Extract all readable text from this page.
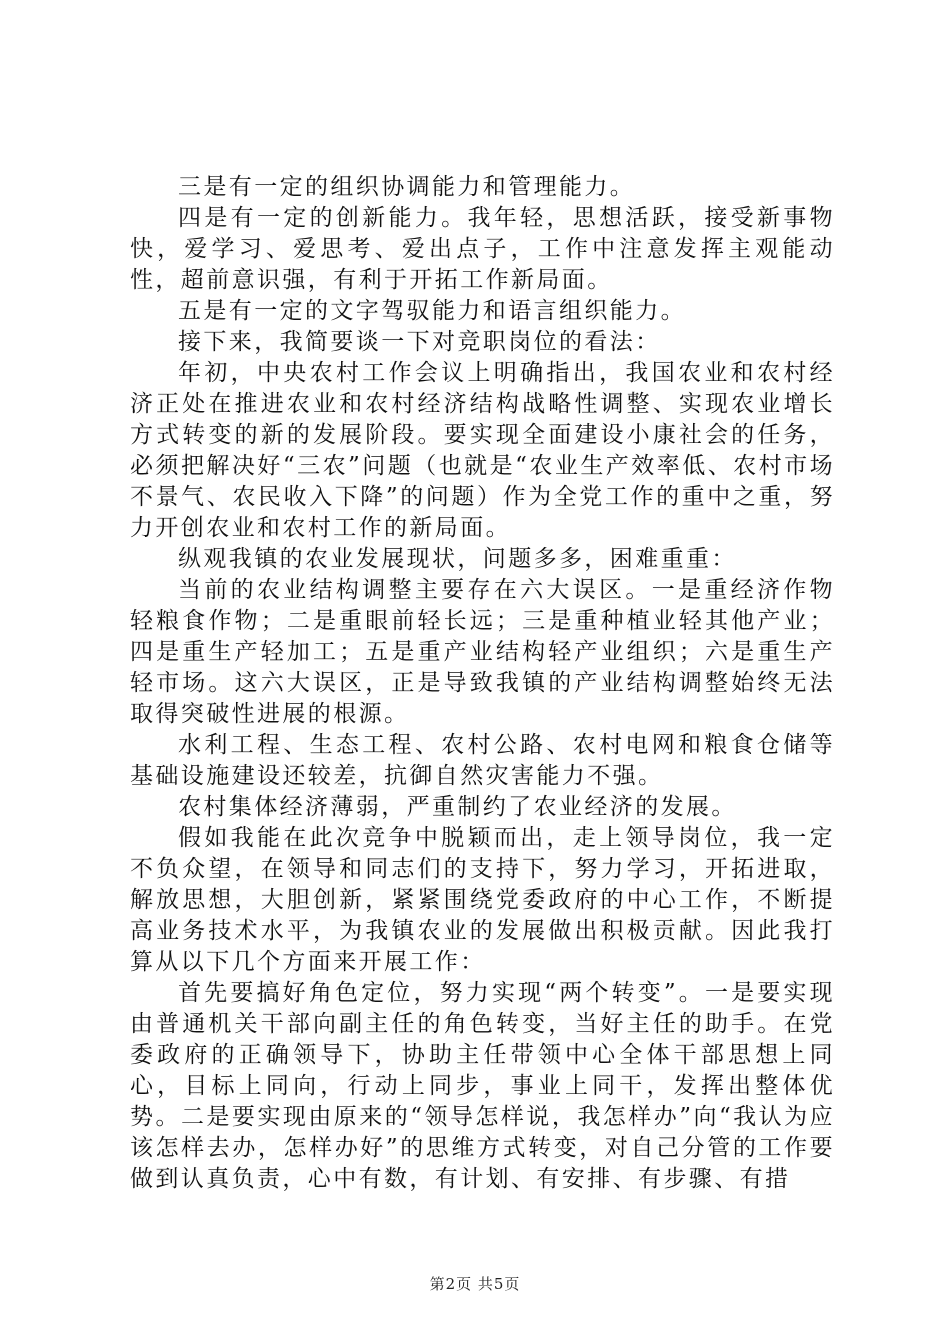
三是有一定的组织协调能力和管理能力。

四是有一定的创新能力。我年轻，思想活跃，接受新事物快，爱学习、爱思考、爱出点子，工作中注意发挥主观能动性，超前意识强，有利于开拓工作新局面。

五是有一定的文字驾驭能力和语言组织能力。

接下来，我简要谈一下对竞职岗位的看法：

年初，中央农村工作会议上明确指出，我国农业和农村经济正处在推进农业和农村经济结构战略性调整、实现农业增长方式转变的新的发展阶段。要实现全面建设小康社会的任务，必须把解决好“三农”问题（也就是“农业生产效率低、农村市场不景气、农民收入下降”的问题）作为全党工作的重中之重，努力开创农业和农村工作的新局面。

纵观我镇的农业发展现状，问题多多，困难重重：

当前的农业结构调整主要存在六大误区。一是重经济作物轻粮食作物；二是重眼前轻长远；三是重种植业轻其他产业；四是重生产轻加工；五是重产业结构轻产业组织；六是重生产轻市场。这六大误区，正是导致我镇的产业结构调整始终无法取得突破性进展的根源。

水利工程、生态工程、农村公路、农村电网和粮食仓储等基础设施建设还较差，抗御自然灾害能力不强。

农村集体经济薄弱，严重制约了农业经济的发展。

假如我能在此次竞争中脱颖而出，走上领导岗位，我一定不负众望，在领导和同志们的支持下，努力学习，开拓进取，解放思想，大胆创新，紧紧围绕党委政府的中心工作，不断提高业务技术水平，为我镇农业的发展做出积极贡献。因此我打算从以下几个方面来开展工作：

首先要搞好角色定位，努力实现“两个转变”。一是要实现由普通机关干部向副主任的角色转变，当好主任的助手。在党委政府的正确领导下，协助主任带领中心全体干部思想上同心，目标上同向，行动上同步，事业上同干，发挥出整体优势。二是要实现由原来的“领导怎样说，我怎样办”向“我认为应该怎样去办，怎样办好”的思维方式转变，对自己分管的工作要做到认真负责，心中有数，有计划、有安排、有步骤、有措

第2页 共5页
